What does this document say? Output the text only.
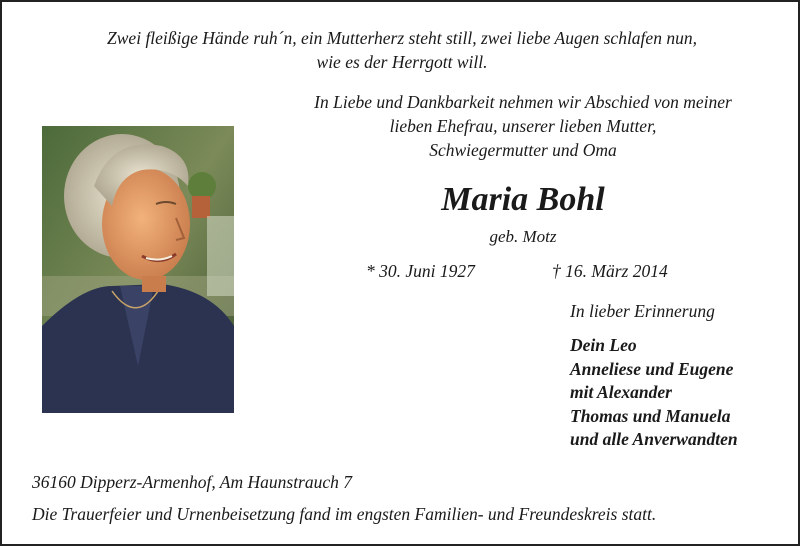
Zwei fleißige Hände ruh´n, ein Mutterherz steht still, zwei liebe Augen schlafen nun,
wie es der Herrgott will.
In Liebe und Dankbarkeit nehmen wir Abschied von meiner
lieben Ehefrau, unserer lieben Mutter,
Schwiegermutter und Oma
Maria Bohl
geb. Motz
* 30. Juni 1927	† 16. März 2014
In lieber Erinnerung
Dein Leo
Anneliese und Eugene
mit Alexander
Thomas und Manuela
und alle Anverwandten
36160 Dipperz-Armenhof, Am Haunstrauch 7
Die Trauerfeier und Urnenbeisetzung fand im engsten Familien- und Freundeskreis statt.
